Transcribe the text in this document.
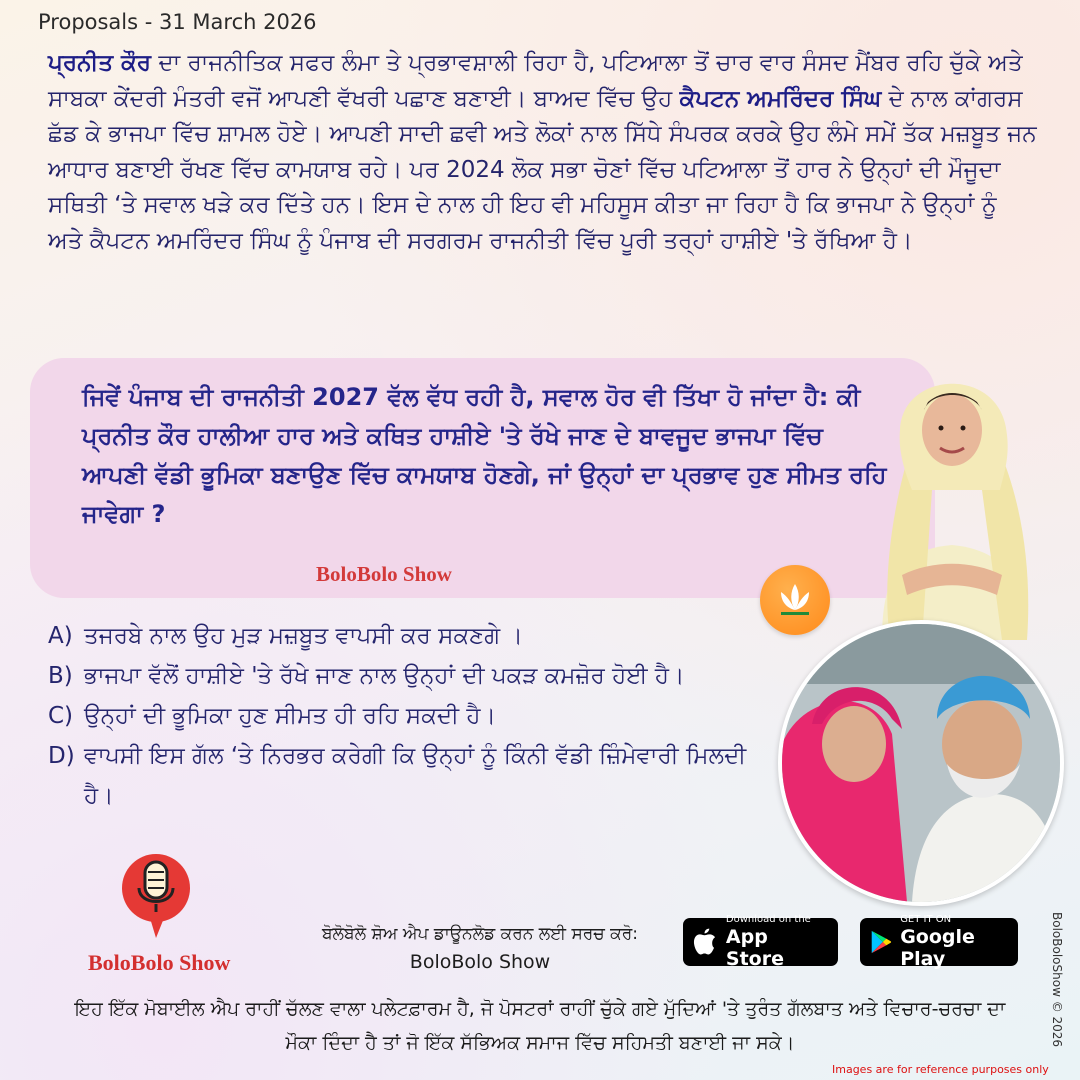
Proposals - 31 March 2026

ਪ੍ਰਨੀਤ ਕੌਰ ਦਾ ਰਾਜਨੀਤਿਕ ਸਫਰ ਲੰਮਾ ਤੇ ਪ੍ਰਭਾਵਸ਼ਾਲੀ ਰਿਹਾ ਹੈ, ਪਟਿਆਲਾ ਤੋਂ ਚਾਰ ਵਾਰ ਸੰਸਦ ਮੈਂਬਰ ਰਹਿ ਚੁੱਕੇ ਅਤੇ ਸਾਬਕਾ ਕੇਂਦਰੀ ਮੰਤਰੀ ਵਜੋਂ ਆਪਣੀ ਵੱਖਰੀ ਪਛਾਣ ਬਣਾਈ। ਬਾਅਦ ਵਿੱਚ ਉਹ ਕੈਪਟਨ ਅਮਰਿੰਦਰ ਸਿੰਘ ਦੇ ਨਾਲ ਕਾਂਗਰਸ ਛੱਡ ਕੇ ਭਾਜਪਾ ਵਿੱਚ ਸ਼ਾਮਲ ਹੋਏ। ਆਪਣੀ ਸਾਦੀ ਛਵੀ ਅਤੇ ਲੋਕਾਂ ਨਾਲ ਸਿੱਧੇ ਸੰਪਰਕ ਕਰਕੇ ਉਹ ਲੰਮੇ ਸਮੇਂ ਤੱਕ ਮਜ਼ਬੂਤ ਜਨ ਆਧਾਰ ਬਣਾਈ ਰੱਖਣ ਵਿੱਚ ਕਾਮਯਾਬ ਰਹੇ। ਪਰ 2024 ਲੋਕ ਸਭਾ ਚੋਣਾਂ ਵਿੱਚ ਪਟਿਆਲਾ ਤੋਂ ਹਾਰ ਨੇ ਉਨ੍ਹਾਂ ਦੀ ਮੌਜੂਦਾ ਸਥਿਤੀ ‘ਤੇ ਸਵਾਲ ਖੜੇ ਕਰ ਦਿੱਤੇ ਹਨ। ਇਸ ਦੇ ਨਾਲ ਹੀ ਇਹ ਵੀ ਮਹਿਸੂਸ ਕੀਤਾ ਜਾ ਰਿਹਾ ਹੈ ਕਿ ਭਾਜਪਾ ਨੇ ਉਨ੍ਹਾਂ ਨੂੰ ਅਤੇ ਕੈਪਟਨ ਅਮਰਿੰਦਰ ਸਿੰਘ ਨੂੰ ਪੰਜਾਬ ਦੀ ਸਰਗਰਮ ਰਾਜਨੀਤੀ ਵਿੱਚ ਪੂਰੀ ਤਰ੍ਹਾਂ ਹਾਸ਼ੀਏ 'ਤੇ ਰੱਖਿਆ ਹੈ।

ਜਿਵੇਂ ਪੰਜਾਬ ਦੀ ਰਾਜਨੀਤੀ 2027 ਵੱਲ ਵੱਧ ਰਹੀ ਹੈ, ਸਵਾਲ ਹੋਰ ਵੀ ਤਿੱਖਾ ਹੋ ਜਾਂਦਾ ਹੈ: ਕੀ ਪ੍ਰਨੀਤ ਕੌਰ ਹਾਲੀਆ ਹਾਰ ਅਤੇ ਕਥਿਤ ਹਾਸ਼ੀਏ 'ਤੇ ਰੱਖੇ ਜਾਣ ਦੇ ਬਾਵਜੂਦ ਭਾਜਪਾ ਵਿੱਚ ਆਪਣੀ ਵੱਡੀ ਭੂਮਿਕਾ ਬਣਾਉਣ ਵਿੱਚ ਕਾਮਯਾਬ ਹੋਣਗੇ, ਜਾਂ ਉਨ੍ਹਾਂ ਦਾ ਪ੍ਰਭਾਵ ਹੁਣ ਸੀਮਤ ਰਹਿ ਜਾਵੇਗਾ ?

BoloBolo Show
A) ਤਜਰਬੇ ਨਾਲ ਉਹ ਮੁੜ ਮਜ਼ਬੂਤ ਵਾਪਸੀ ਕਰ ਸਕਣਗੇ ।
B) ਭਾਜਪਾ ਵੱਲੋਂ ਹਾਸ਼ੀਏ 'ਤੇ ਰੱਖੇ ਜਾਣ ਨਾਲ ਉਨ੍ਹਾਂ ਦੀ ਪਕੜ ਕਮਜ਼ੋਰ ਹੋਈ ਹੈ।
C) ਉਨ੍ਹਾਂ ਦੀ ਭੂਮਿਕਾ ਹੁਣ ਸੀਮਤ ਹੀ ਰਹਿ ਸਕਦੀ ਹੈ।
D) ਵਾਪਸੀ ਇਸ ਗੱਲ ‘ਤੇ ਨਿਰਭਰ ਕਰੇਗੀ ਕਿ ਉਨ੍ਹਾਂ ਨੂੰ ਕਿੰਨੀ ਵੱਡੀ ਜ਼ਿੰਮੇਵਾਰੀ ਮਿਲਦੀ ਹੈ।
BoloBolo Show
ਬੋਲੋਬੋਲੋ ਸ਼ੋਅ ਐਪ ਡਾਊਨਲੋਡ ਕਰਨ ਲਈ ਸਰਚ ਕਰੋ:
BoloBolo Show
Download on the
App Store
GET IT ON
Google Play

ਇਹ ਇੱਕ ਮੋਬਾਈਲ ਐਪ ਰਾਹੀਂ ਚੱਲਣ ਵਾਲਾ ਪਲੇਟਫ਼ਾਰਮ ਹੈ, ਜੋ ਪੋਸਟਰਾਂ ਰਾਹੀਂ ਚੁੱਕੇ ਗਏ ਮੁੱਦਿਆਂ 'ਤੇ ਤੁਰੰਤ ਗੱਲਬਾਤ ਅਤੇ ਵਿਚਾਰ-ਚਰਚਾ ਦਾ ਮੌਕਾ ਦਿੰਦਾ ਹੈ ਤਾਂ ਜੋ ਇੱਕ ਸੱਭਿਅਕ ਸਮਾਜ ਵਿੱਚ ਸਹਿਮਤੀ ਬਣਾਈ ਜਾ ਸਕੇ।	BoloBoloShow © 2026
Images are for reference purposes only
